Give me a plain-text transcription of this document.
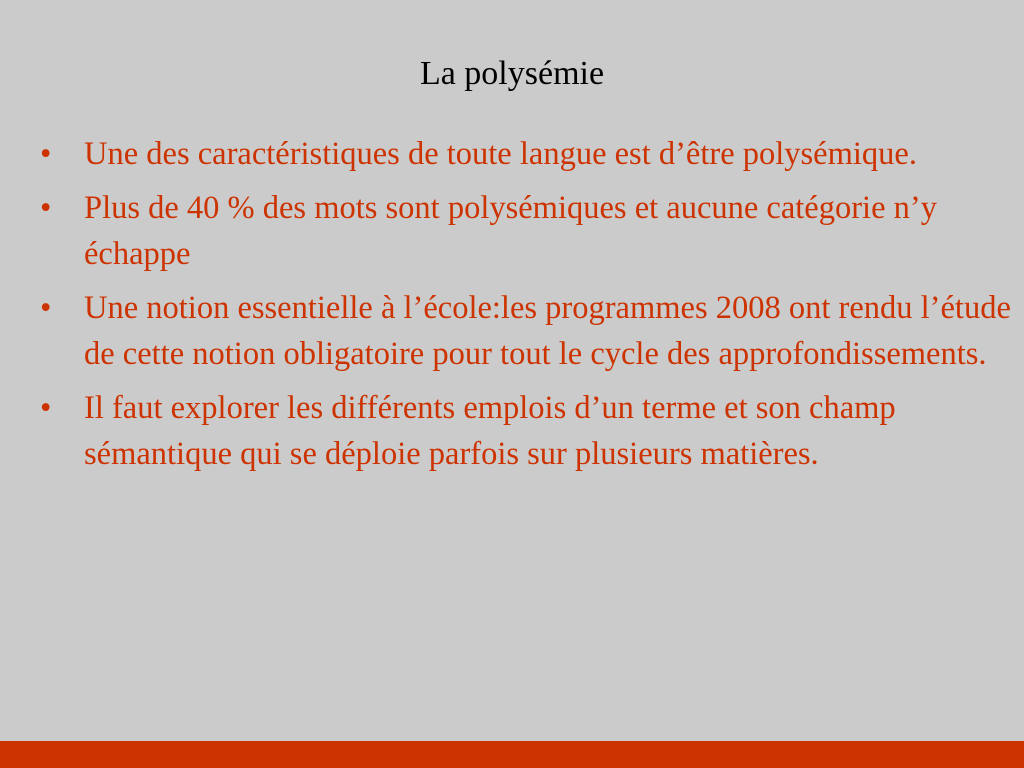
La polysémie
• Une des caractéristiques de toute langue est d’être polysémique.
• Plus de 40 % des mots sont polysémiques et aucune catégorie n’y échappe
• Une notion essentielle à l’école:les programmes 2008 ont rendu l’étude de cette notion obligatoire pour tout le cycle des approfondissements.
• Il faut explorer les différents emplois d’un terme et son champ sémantique qui se déploie parfois sur plusieurs matières.
